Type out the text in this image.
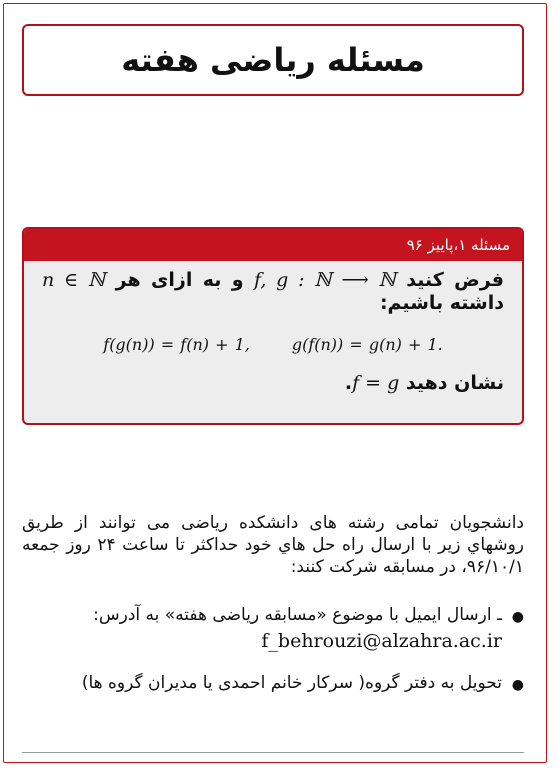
مسئله ریاضی هفته
مسئله ۱،پاییز ۹۶
فرض کنید f, g : ℕ ⟶ ℕ و به ازای هر n ∈ ℕ داشته باشیم:
f(g(n)) = f(n) + 1,	g(f(n)) = g(n) + 1.
نشان دهید f = g.
دانشجویان تمامی رشته های دانشکده ریاضی می توانند از طریق روشهاي زیر با ارسال راه حل هاي خود حداکثر تا ساعت ۲۴ روز جمعه ۹۶/۱۰/۱، در مسابقه شرکت کنند:
●
ـ ارسال ایمیل با موضوع «مسابقه ریاضی هفته» به آدرس:
f_behrouzi@alzahra.ac.ir
●
تحویل به دفتر گروه( سرکار خانم احمدی یا مدیران گروه ها)
